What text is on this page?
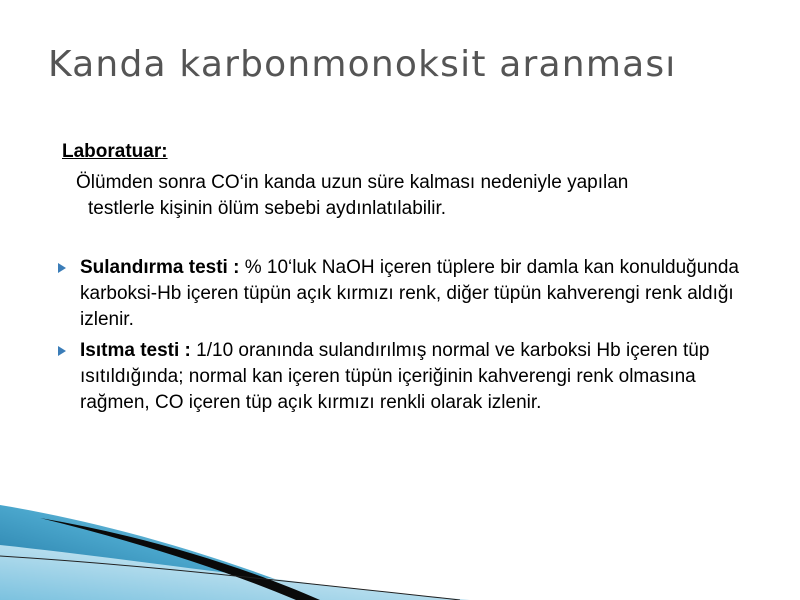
Kanda karbonmonoksit aranması
Laboratuar:

Ölümden sonra CO‘in kanda uzun süre kalması nedeniyle yapılan testlerle kişinin ölüm sebebi aydınlatılabilir.

Sulandırma testi : % 10‘luk NaOH içeren tüplere bir damla kan konulduğunda karboksi-Hb içeren tüpün açık kırmızı renk, diğer tüpün kahverengi renk aldığı izlenir.

Isıtma testi : 1/10 oranında sulandırılmış normal ve karboksi Hb içeren tüp ısıtıldığında; normal kan içeren tüpün içeriğinin kahverengi renk olmasına rağmen, CO içeren tüp açık kırmızı renkli olarak izlenir.
